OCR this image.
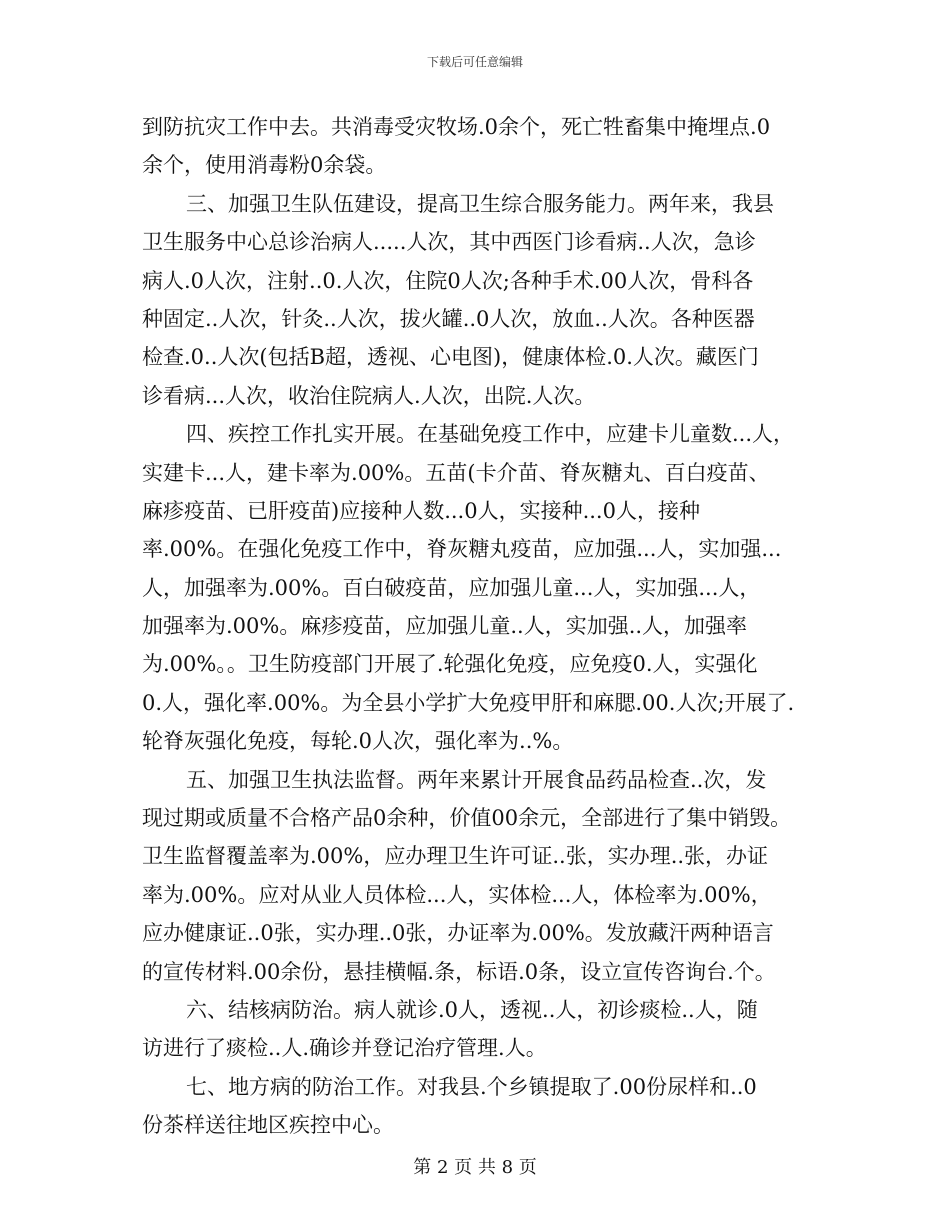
下载后可任意编辑
到防抗灾工作中去。共消毒受灾牧场.0余个，死亡牲畜集中掩埋点.0
余个，使用消毒粉0余袋。
三、加强卫生队伍建设，提高卫生综合服务能力。两年来，我县
卫生服务中心总诊治病人.....人次，其中西医门诊看病..人次，急诊
病人.0人次，注射..0.人次，住院0人次;各种手术.00人次，骨科各
种固定..人次，针灸..人次，拔火罐..0人次，放血..人次。各种医器
检查.0..人次(包括B超，透视、心电图)，健康体检.0.人次。藏医门
诊看病...人次，收治住院病人.人次，出院.人次。
四、疾控工作扎实开展。在基础免疫工作中，应建卡儿童数...人，
实建卡...人，建卡率为.00%。五苗(卡介苗、脊灰糖丸、百白疫苗、
麻疹疫苗、已肝疫苗)应接种人数...0人，实接种...0人，接种
率.00%。在强化免疫工作中，脊灰糖丸疫苗，应加强...人，实加强...
人，加强率为.00%。百白破疫苗，应加强儿童...人，实加强...人，
加强率为.00%。麻疹疫苗，应加强儿童..人，实加强..人，加强率
为.00%。。卫生防疫部门开展了.轮强化免疫，应免疫0.人，实强化
0.人，强化率.00%。为全县小学扩大免疫甲肝和麻腮.00.人次;开展了.
轮脊灰强化免疫，每轮.0人次，强化率为..%。
五、加强卫生执法监督。两年来累计开展食品药品检查..次，发
现过期或质量不合格产品0余种，价值00余元，全部进行了集中销毁。
卫生监督覆盖率为.00%，应办理卫生许可证..张，实办理..张，办证
率为.00%。应对从业人员体检...人，实体检...人，体检率为.00%，
应办健康证..0张，实办理..0张，办证率为.00%。发放藏汗两种语言
的宣传材料.00余份，悬挂横幅.条，标语.0条，设立宣传咨询台.个。
六、结核病防治。病人就诊.0人，透视..人，初诊痰检..人，随
访进行了痰检..人.确诊并登记治疗管理.人。
七、地方病的防治工作。对我县.个乡镇提取了.00份尿样和..0
份茶样送往地区疾控中心。
第 2 页 共 8 页
